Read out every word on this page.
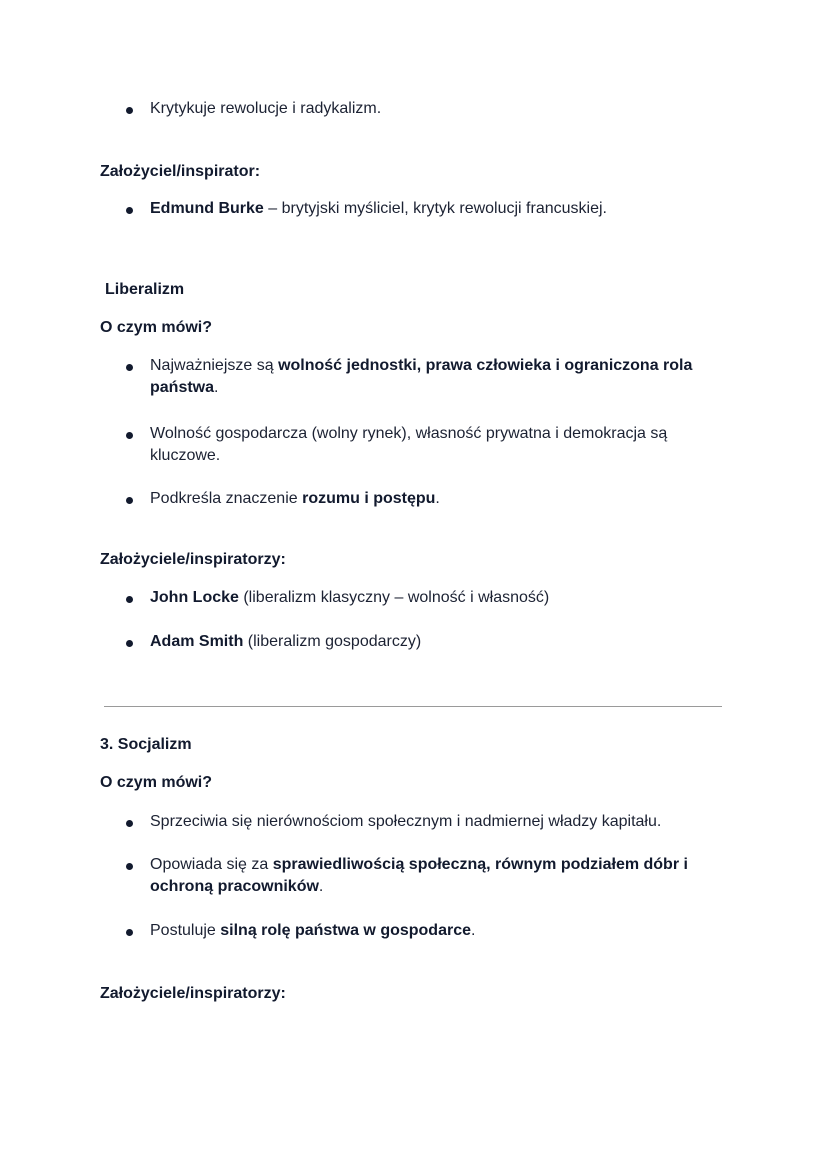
Krytykuje rewolucje i radykalizm.
Założyciel/inspirator:
Edmund Burke – brytyjski myśliciel, krytyk rewolucji francuskiej.
Liberalizm
O czym mówi?
Najważniejsze są wolność jednostki, prawa człowieka i ograniczona rola państwa.
Wolność gospodarcza (wolny rynek), własność prywatna i demokracja są kluczowe.
Podkreśla znaczenie rozumu i postępu.
Założyciele/inspiratorzy:
John Locke (liberalizm klasyczny – wolność i własność)
Adam Smith (liberalizm gospodarczy)
3. Socjalizm
O czym mówi?
Sprzeciwia się nierównościom społecznym i nadmiernej władzy kapitału.
Opowiada się za sprawiedliwością społeczną, równym podziałem dóbr i ochroną pracowników.
Postuluje silną rolę państwa w gospodarce.
Założyciele/inspiratorzy:
